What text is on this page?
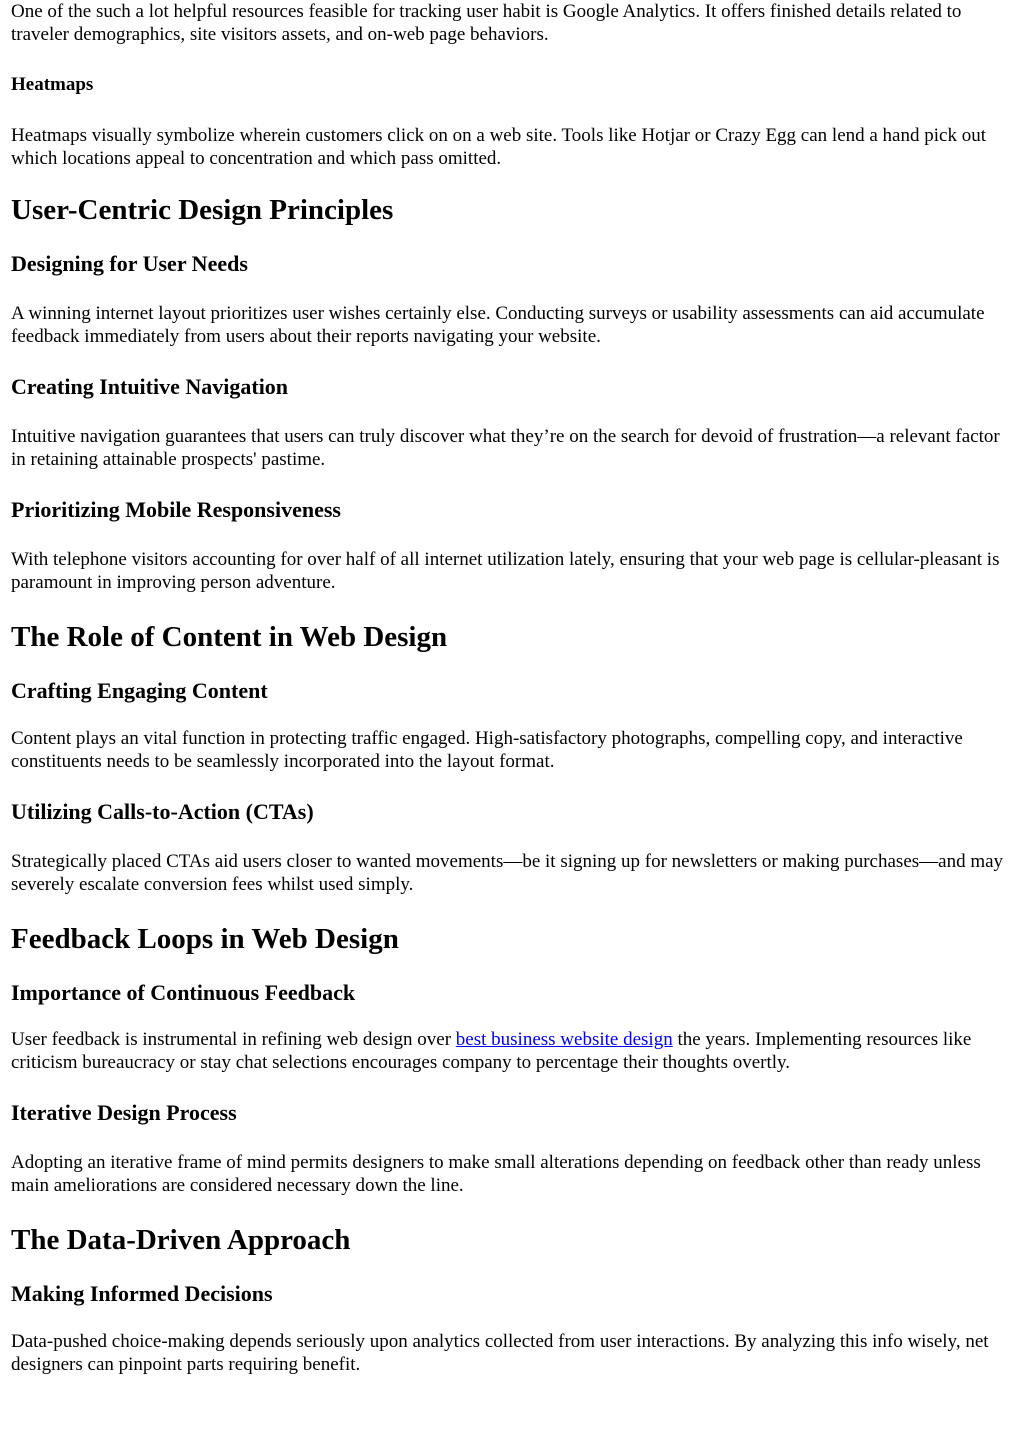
One of the such a lot helpful resources feasible for tracking user habit is Google Analytics. It offers finished details related to traveler demographics, site visitors assets, and on-web page behaviors.

Heatmaps

Heatmaps visually symbolize wherein customers click on on a web site. Tools like Hotjar or Crazy Egg can lend a hand pick out which locations appeal to concentration and which pass omitted.

User-Centric Design Principles
Designing for User Needs

A winning internet layout prioritizes user wishes certainly else. Conducting surveys or usability assessments can aid accumulate feedback immediately from users about their reports navigating your website.

Creating Intuitive Navigation

Intuitive navigation guarantees that users can truly discover what they’re on the search for devoid of frustration—a relevant factor in retaining attainable prospects' pastime.

Prioritizing Mobile Responsiveness

With telephone visitors accounting for over half of all internet utilization lately, ensuring that your web page is cellular-pleasant is paramount in improving person adventure.

The Role of Content in Web Design
Crafting Engaging Content

Content plays an vital function in protecting traffic engaged. High-satisfactory photographs, compelling copy, and interactive constituents needs to be seamlessly incorporated into the layout format.

Utilizing Calls-to-Action (CTAs)

Strategically placed CTAs aid users closer to wanted movements—be it signing up for newsletters or making purchases—and may severely escalate conversion fees whilst used simply.

Feedback Loops in Web Design
Importance of Continuous Feedback

User feedback is instrumental in refining web design over best business website design the years. Implementing resources like criticism bureaucracy or stay chat selections encourages company to percentage their thoughts overtly.

Iterative Design Process

Adopting an iterative frame of mind permits designers to make small alterations depending on feedback other than ready unless main ameliorations are considered necessary down the line.

The Data-Driven Approach
Making Informed Decisions

Data-pushed choice-making depends seriously upon analytics collected from user interactions. By analyzing this info wisely, net designers can pinpoint parts requiring benefit.
